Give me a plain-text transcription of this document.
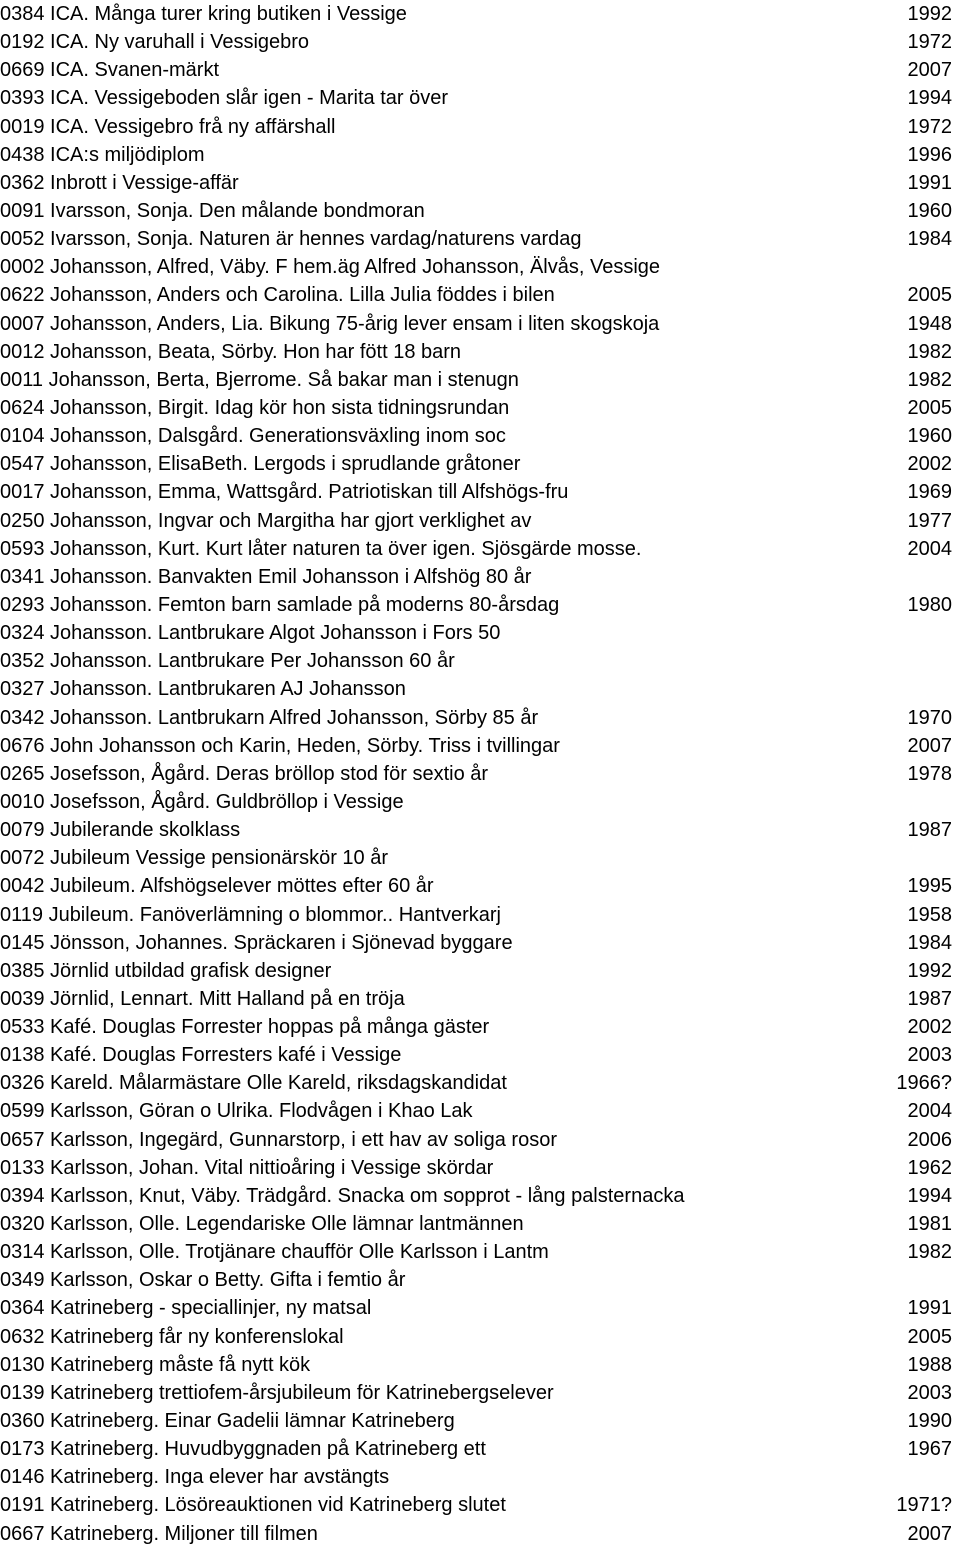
0384 ICA. Många turer kring butiken i Vessige	1992
0192 ICA. Ny varuhall i Vessigebro	1972
0669 ICA. Svanen-märkt	2007
0393 ICA. Vessigeboden slår igen - Marita tar över	1994
0019 ICA. Vessigebro frå ny affärshall	1972
0438 ICA:s miljödiplom	1996
0362 Inbrott i Vessige-affär	1991
0091 Ivarsson, Sonja. Den målande bondmoran	1960
0052 Ivarsson, Sonja. Naturen är hennes vardag/naturens vardag	1984
0002 Johansson, Alfred, Väby. F hem.äg Alfred Johansson, Älvås, Vessige
0622 Johansson, Anders och Carolina. Lilla Julia föddes i bilen	2005
0007 Johansson, Anders, Lia. Bikung 75-årig lever ensam i liten skogskoja	1948
0012 Johansson, Beata, Sörby. Hon har fött 18 barn	1982
0011 Johansson, Berta, Bjerrome. Så bakar man i stenugn	1982
0624 Johansson, Birgit. Idag kör hon sista tidningsrundan	2005
0104 Johansson, Dalsgård. Generationsväxling inom soc	1960
0547 Johansson, ElisaBeth. Lergods i sprudlande gråtoner	2002
0017 Johansson, Emma, Wattsgård. Patriotiskan till Alfshögs-fru	1969
0250 Johansson, Ingvar och Margitha har gjort verklighet av	1977
0593 Johansson, Kurt. Kurt låter naturen ta över igen. Sjösgärde mosse.	2004
0341 Johansson. Banvakten Emil Johansson i Alfshög 80 år
0293 Johansson. Femton barn samlade på moderns 80-årsdag	1980
0324 Johansson. Lantbrukare Algot Johansson i Fors 50
0352 Johansson. Lantbrukare Per Johansson 60 år
0327 Johansson. Lantbrukaren AJ Johansson
0342 Johansson. Lantbrukarn Alfred Johansson, Sörby 85 år	1970
0676 John Johansson och Karin, Heden, Sörby. Triss i tvillingar	2007
0265 Josefsson, Ågård. Deras bröllop stod för sextio år	1978
0010 Josefsson, Ågård. Guldbröllop i Vessige
0079 Jubilerande skolklass	1987
0072 Jubileum Vessige pensionärskör 10 år
0042 Jubileum. Alfshögselever möttes efter 60 år	1995
0119 Jubileum. Fanöverlämning o blommor.. Hantverkarj	1958
0145 Jönsson, Johannes. Spräckaren i Sjönevad byggare	1984
0385 Jörnlid utbildad grafisk designer	1992
0039 Jörnlid, Lennart. Mitt Halland på en tröja	1987
0533 Kafé. Douglas Forrester hoppas på många gäster	2002
0138 Kafé. Douglas Forresters kafé i Vessige	2003
0326 Kareld. Målarmästare Olle Kareld, riksdagskandidat	1966?
0599 Karlsson, Göran o Ulrika. Flodvågen i Khao Lak	2004
0657 Karlsson, Ingegärd, Gunnarstorp, i ett hav av soliga rosor	2006
0133 Karlsson, Johan. Vital nittioåring i Vessige skördar	1962
0394 Karlsson, Knut, Väby. Trädgård. Snacka om sopprot - lång palsternacka	1994
0320 Karlsson, Olle. Legendariske Olle lämnar lantmännen	1981
0314 Karlsson, Olle. Trotjänare chaufför Olle Karlsson i Lantm	1982
0349 Karlsson, Oskar o Betty. Gifta i femtio år
0364 Katrineberg - speciallinjer, ny matsal	1991
0632 Katrineberg får ny konferenslokal	2005
0130 Katrineberg måste få nytt kök	1988
0139 Katrineberg trettiofem-årsjubileum för Katrinebergselever	2003
0360 Katrineberg. Einar Gadelii lämnar Katrineberg	1990
0173 Katrineberg. Huvudbyggnaden på Katrineberg ett	1967
0146 Katrineberg. Inga elever har avstängts
0191 Katrineberg. Lösöreauktionen vid Katrineberg slutet	1971?
0667 Katrineberg. Miljoner till filmen	2007
